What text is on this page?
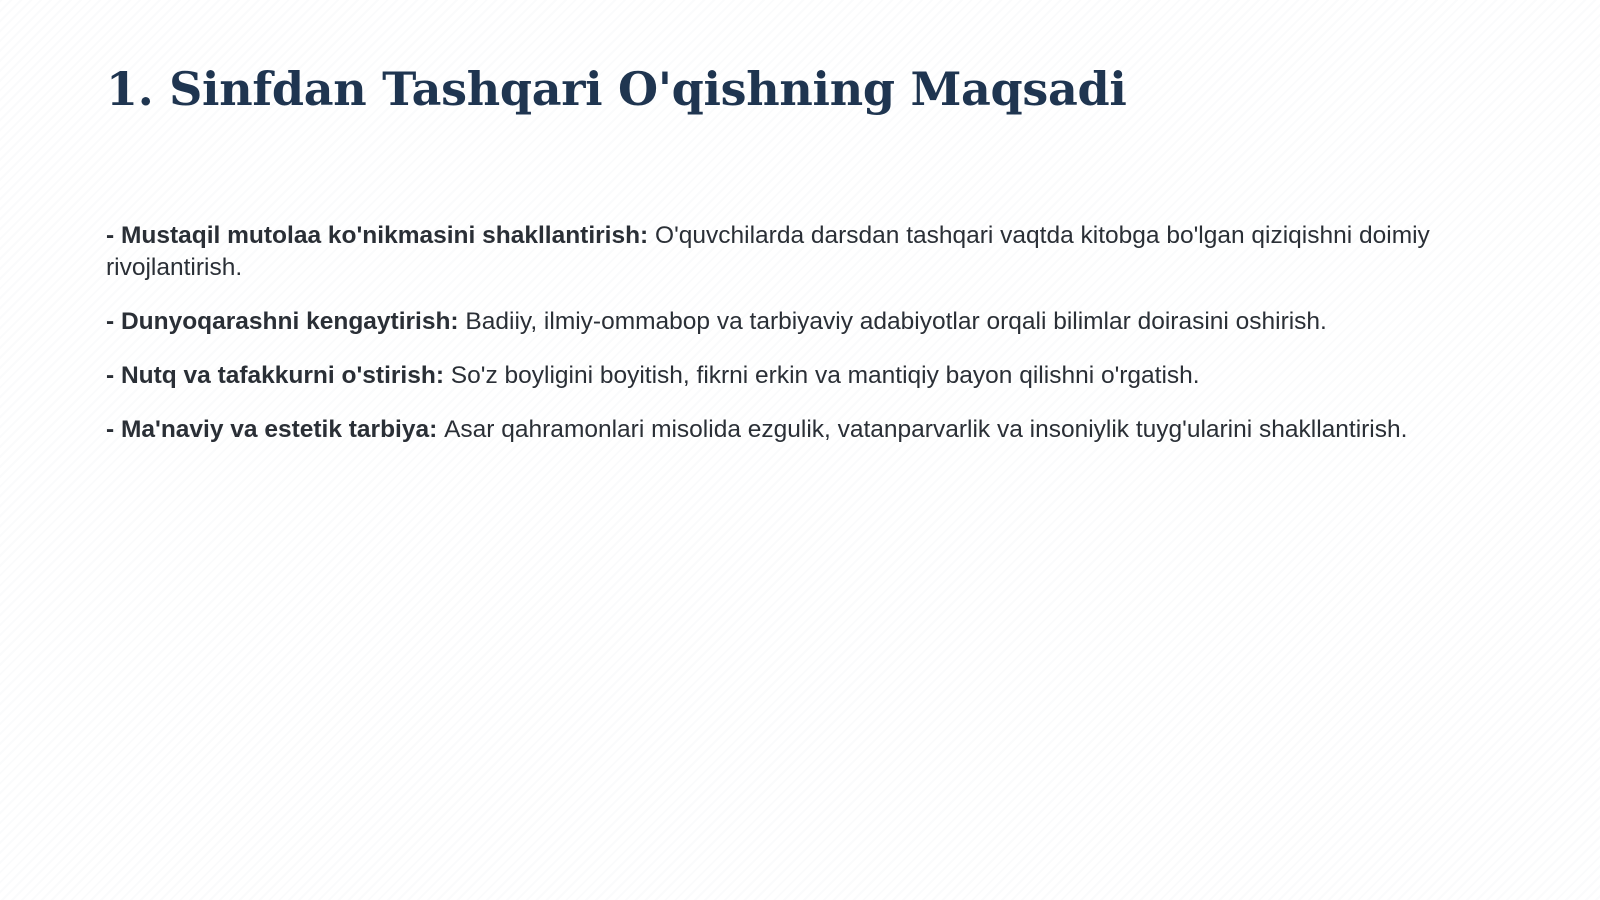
1. Sinfdan Tashqari O'qishning Maqsadi
- Mustaqil mutolaa ko'nikmasini shakllantirish: O'quvchilarda darsdan tashqari vaqtda kitobga bo'lgan qiziqishni doimiy rivojlantirish.
- Dunyoqarashni kengaytirish: Badiiy, ilmiy-ommabop va tarbiyaviy adabiyotlar orqali bilimlar doirasini oshirish.
- Nutq va tafakkurni o'stirish: So'z boyligini boyitish, fikrni erkin va mantiqiy bayon qilishni o'rgatish.
- Ma'naviy va estetik tarbiya: Asar qahramonlari misolida ezgulik, vatanparvarlik va insoniylik tuyg'ularini shakllantirish.
